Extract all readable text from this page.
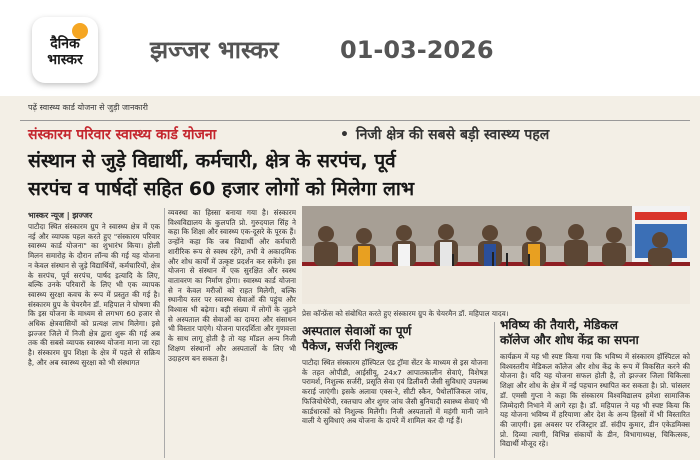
दैनिक
भास्कर	झज्जर भास्कर	01-03-2026
पढ़ें स्वास्थ्य कार्ड योजना से जुड़ी जानकारी
संस्कारम परिवार स्वास्थ्य कार्ड योजना	• निजी क्षेत्र की सबसे बड़ी स्वास्थ्य पहल
संस्थान से जुड़े विद्यार्थी, कर्मचारी, क्षेत्र के सरपंच, पूर्व
सरपंच व पार्षदों सहित 60 हजार लोगों को मिलेगा लाभ
भास्कर न्यूज | झज्जर
पाटौदा स्थित संस्कारम ग्रुप ने स्वास्थ्य क्षेत्र में एक नई और व्यापक पहल करते हुए "संस्कारम परिवार स्वास्थ्य कार्ड योजना" का शुभारंभ किया। होली मिलन समारोह के दौरान लॉन्च की गई यह योजना न केवल संस्थान से जुड़े विद्यार्थियों, कर्मचारियों, क्षेत्र के सरपंच, पूर्व सरपंच, पार्षद इत्यादि के लिए, बल्कि उनके परिवारों के लिए भी एक व्यापक स्वास्थ्य सुरक्षा कवच के रूप में प्रस्तुत की गई है। संस्कारम ग्रुप के चेयरमैन डॉ. महिपाल ने घोषणा की कि इस योजना के माध्यम से लगभग 60 हजार से अधिक क्षेत्रवासियों को प्रत्यक्ष लाभ मिलेगा। इसे झज्जर जिले में निजी क्षेत्र द्वारा शुरू की गई अब तक की सबसे व्यापक स्वास्थ्य योजना माना जा रहा है। संस्कारम ग्रुप शिक्षा के क्षेत्र में पहले से सक्रिय है, और अब स्वास्थ्य सुरक्षा को भी संस्थागत
व्यवस्था का हिस्सा बनाया गया है। संस्कारम विश्वविद्यालय के कुलपति प्रो. गुरुदयाल सिंह ने कहा कि शिक्षा और स्वास्थ्य एक-दूसरे के पूरक हैं। उन्होंने कहा कि जब विद्यार्थी और कर्मचारी शारीरिक रूप से स्वस्थ रहेंगे, तभी वे अकादमिक और शोध कार्यों में उत्कृष्ट प्रदर्शन कर सकेंगे। इस योजना से संस्थान में एक सुरक्षित और स्वस्थ वातावरण का निर्माण होगा। स्वास्थ्य कार्ड योजना से न केवल मरीजों को राहत मिलेगी, बल्कि स्थानीय स्तर पर स्वास्थ्य सेवाओं की पहुंच और विश्वास भी बढ़ेगा। बड़ी संख्या में लोगों के जुड़ने से अस्पताल की सेवाओं का दायरा और संसाधन भी विस्तार पाएंगे। योजना पारदर्शिता और गुणवत्ता के साथ लागू होती है तो यह मॉडल अन्य निजी शिक्षण संस्थानों और अस्पतालों के लिए भी उदाहरण बन सकता है।
प्रेस कॉन्फ्रेंस को संबोधित करते हुए संस्कारम ग्रुप के चेयरमैन डॉ. महिपाल यादव।
अस्पताल सेवाओं का पूर्ण
पैकेज, सर्जरी निशुल्क
पाटौदा स्थित संस्कारम हॉस्पिटल एंड ट्रॉमा सेंटर के माध्यम से इस योजना के तहत ओपीडी, आईसीयू, 24x7 आपातकालीन सेवाएं, विशेषज्ञ परामर्श, निशुल्क सर्जरी, प्रसूति सेवा एवं डिलीवरी जैसी सुविधाएं उपलब्ध कराई जाएंगी। इसके अलावा एक्स-रे, सीटी स्कैन, पैथोलॉजिकल जांच, फिजियोथेरेपी, रक्तचाप और शुगर जांच जैसी बुनियादी स्वास्थ्य सेवाएं भी कार्डधारकों को निशुल्क मिलेंगी। निजी अस्पतालों में महंगी मानी जाने वाली ये सुविधाएं अब योजना के दायरे में शामिल कर दी गई हैं।
भविष्य की तैयारी, मेडिकल
कॉलेज और शोध केंद्र का सपना
कार्यक्रम में यह भी स्पष्ट किया गया कि भविष्य में संस्कारम हॉस्पिटल को विश्वस्तरीय मेडिकल कॉलेज और शोध केंद्र के रूप में विकसित करने की योजना है। यदि यह योजना सफल होती है, तो झज्जर जिला चिकित्सा शिक्षा और शोध के क्षेत्र में नई पहचान स्थापित कर सकता है। प्रो. चांसलर डॉ. एमसी गुप्ता ने कहा कि संस्कारम विश्वविद्यालय हमेशा सामाजिक जिम्मेदारी निभाने में आगे रहा है। डॉ. महिपाल ने यह भी स्पष्ट किया कि यह योजना भविष्य में हरियाणा और देश के अन्य हिस्सों में भी विस्तारित की जाएगी। इस अवसर पर रजिस्ट्रार डॉ. संदीप कुमार, डीन एकेडमिक्स प्रो. दिव्या त्यागी, विभिन्न संकायों के डीन, विभागाध्यक्ष, चिकित्सक, विद्यार्थी मौजूद रहे।
